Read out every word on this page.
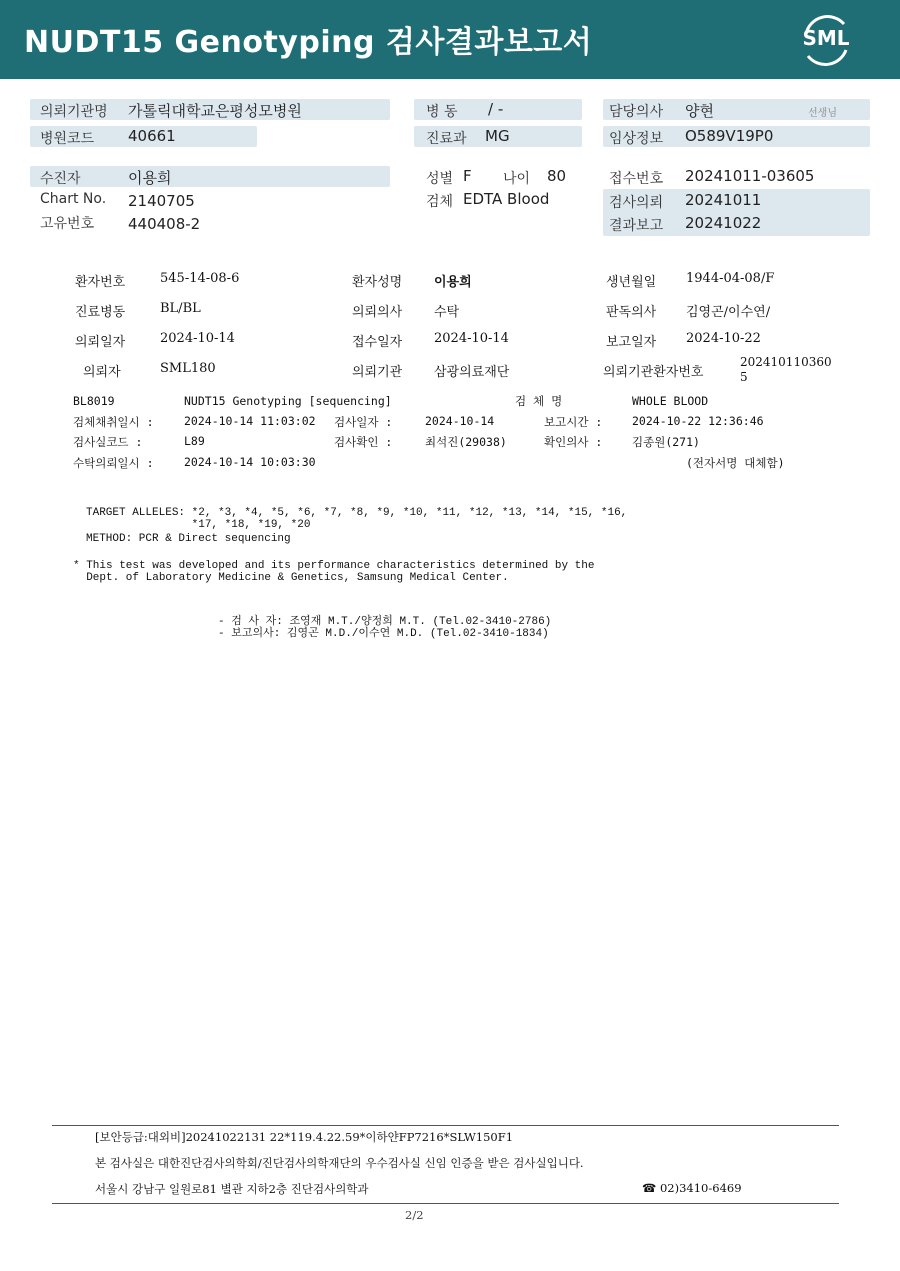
NUDT15 Genotyping 검사결과보고서	SML
의뢰기관명 가톨릭대학교은평성모병원	병 동 / -	담당의사 양현	선생님
병원코드 40661	진료과 MG	임상정보 O589V19P0
수진자	이용희	성별 F 나이 80	접수번호 20241011-03605
Chart No. 2140705	검체 EDTA Blood	검사의뢰 20241011
고유번호 440408-2	결과보고 20241022
환자번호	545-14-08-6	환자성명 이용희	생년월일 1944-04-08/F
진료병동	BL/BL	의뢰의사 수탁	판독의사 김영곤/이수연/
의뢰일자	2024-10-14	접수일자 2024-10-14	보고일자 2024-10-22
의뢰자	SML180	의뢰기관 삼광의료재단	의뢰기관환자번호
202410110360
5
BL8019	NUDT15 Genotyping [sequencing]	검 체 명	WHOLE BLOOD
검체채취일시 :	2024-10-14 11:03:02 검사일자 :	2024-10-14	보고시간 :	2024-10-22 12:36:46
검사실코드 :	L89	검사확인 :	최석진(29038)	확인의사 :	김종원(271)
수탁의뢰일시 :	2024-10-14 10:03:30	(전자서명 대체함)
TARGET ALLELES: *2, *3, *4, *5, *6, *7, *8, *9, *10, *11, *12, *13, *14, *15, *16,
*17, *18, *19, *20
METHOD: PCR & Direct sequencing
* This test was developed and its performance characteristics determined by the
Dept. of Laboratory Medicine & Genetics, Samsung Medical Center.
- 검 사 자: 조영재 M.T./양정희 M.T. (Tel.02-3410-2786)
- 보고의사: 김영곤 M.D./이수연 M.D. (Tel.02-3410-1834)
[보안등급:대외비]20241022131 22*119.4.22.59*이하얀FP7216*SLW150F1
본 검사실은 대한진단검사의학회/진단검사의학재단의 우수검사실 신임 인증을 받은 검사실입니다.
서울시 강남구 일원로81 별관 지하2층 진단검사의학과	☎ 02)3410-6469
2/2
